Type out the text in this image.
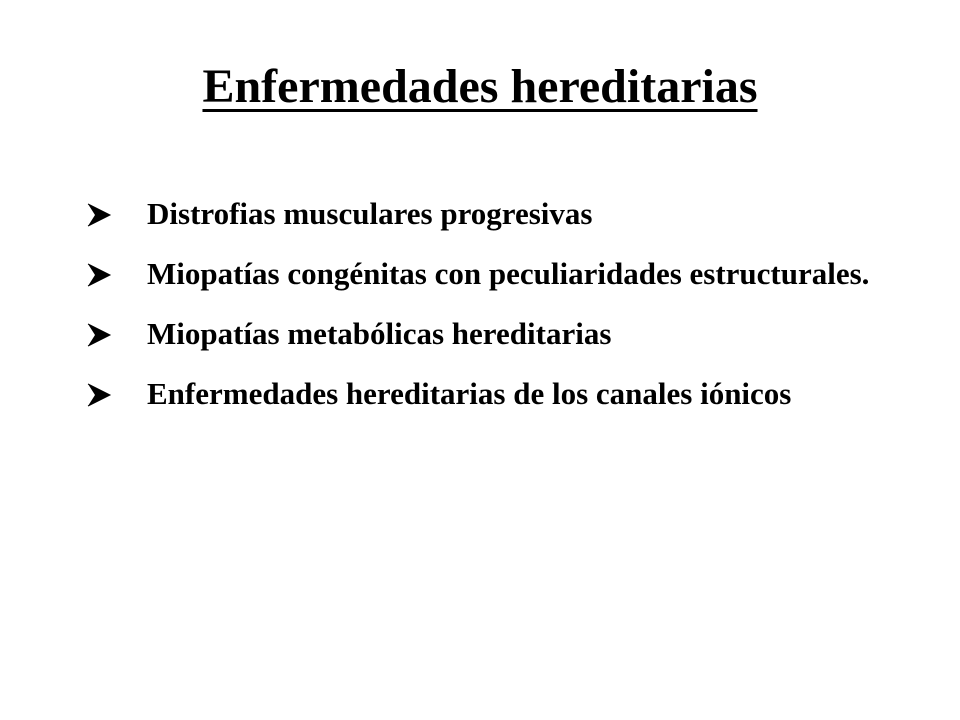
Enfermedades hereditarias
Distrofias musculares progresivas
Miopatías congénitas con peculiaridades estructurales.
Miopatías metabólicas hereditarias
Enfermedades hereditarias de los canales iónicos
